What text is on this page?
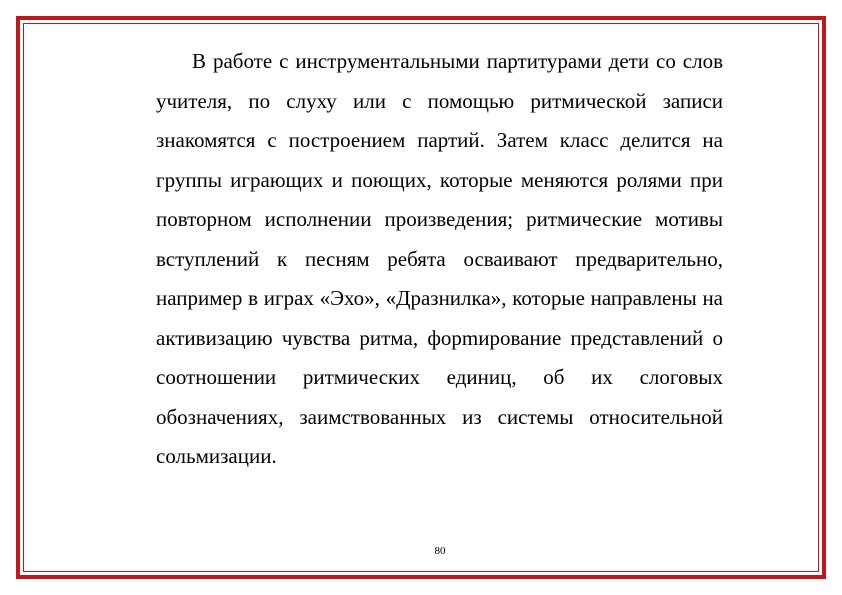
В работе с инструментальными партитурами дети со слов учителя, по слуху или с помощью ритмической записи знакомятся с построением партий. Затем класс делится на группы играющих и поющих, которые меняются ролями при повторном исполнении произведения; ритмические мотивы вступлений к песням ребята осваивают предварительно, например в играх «Эхо», «Дразнилка», которые направлены на активизацию чувства ритма, форmирование представлений о соотношении ритмических единиц, об их слоговых обозначениях, заимствованных из системы относительной сольмизации.

80
